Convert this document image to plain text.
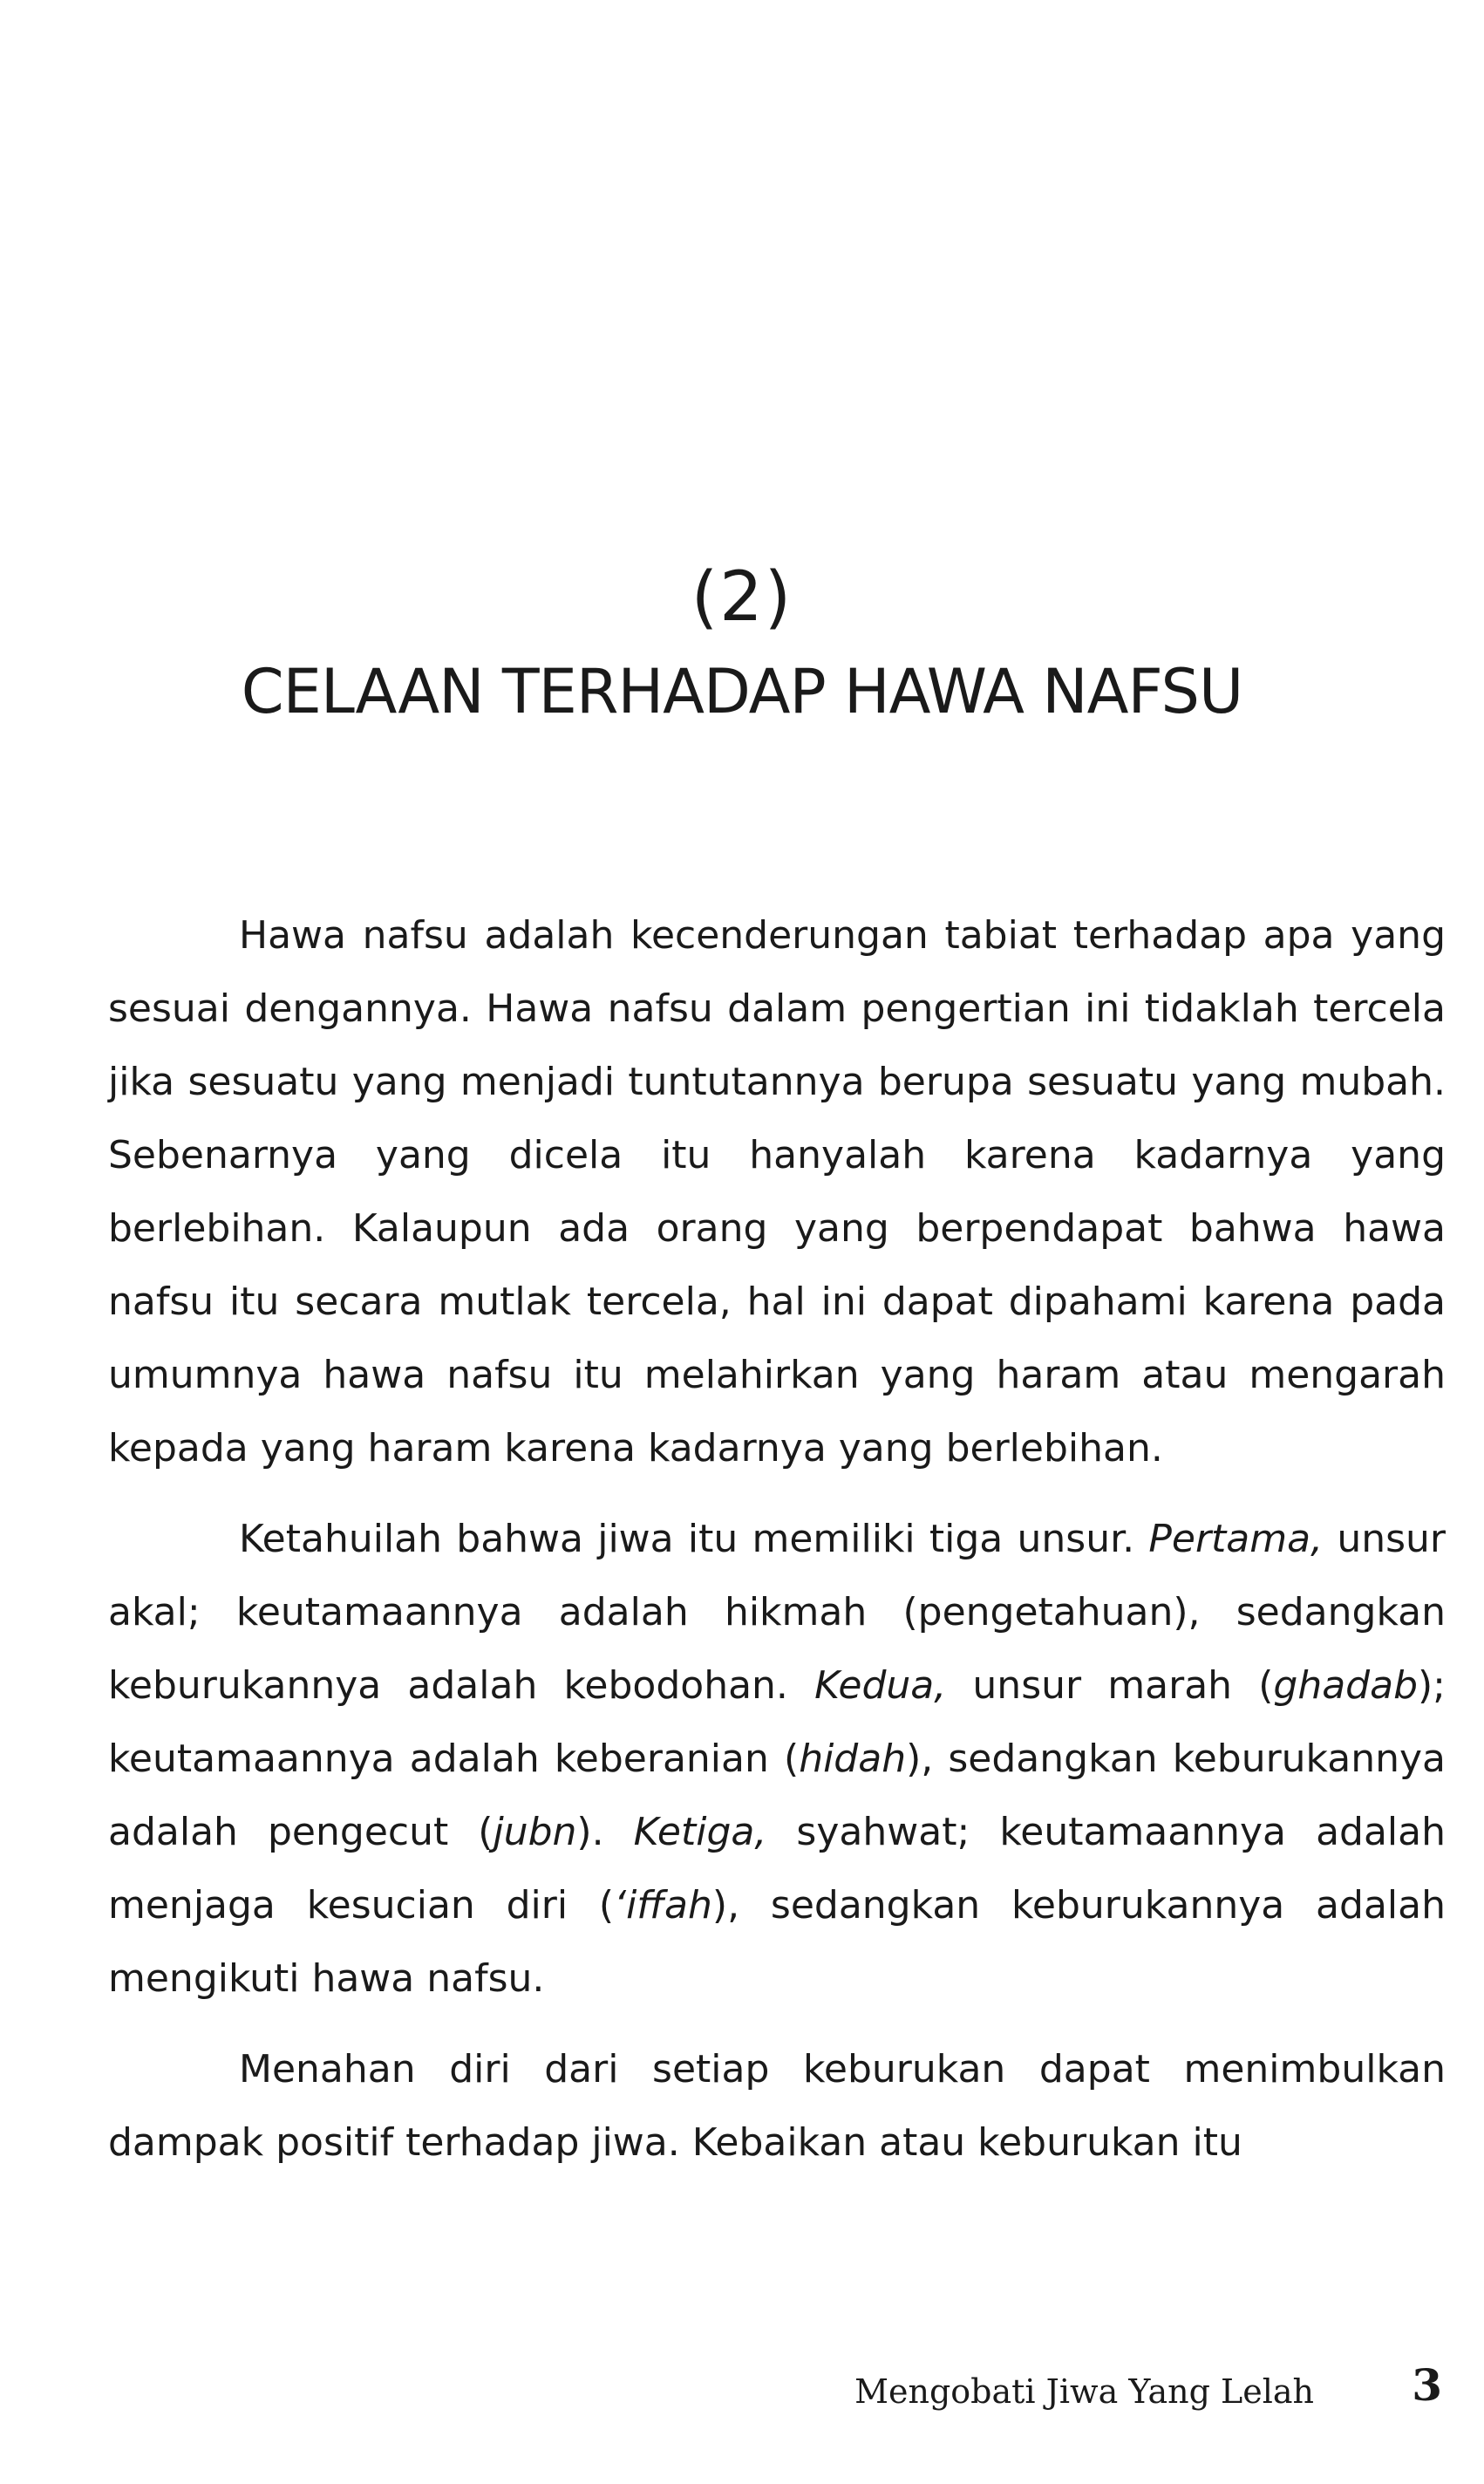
(2)
CELAAN TERHADAP HAWA NAFSU

Hawa nafsu adalah kecenderungan tabiat terhadap apa yang sesuai dengannya. Hawa nafsu dalam pengertian ini tidaklah tercela jika sesuatu yang menjadi tuntutannya berupa sesuatu yang mubah. Sebenarnya yang dicela itu hanyalah karena kadarnya yang berlebihan. Kalaupun ada orang yang berpendapat bahwa hawa nafsu itu secara mutlak tercela, hal ini dapat dipahami karena pada umumnya hawa nafsu itu melahirkan yang haram atau mengarah kepada yang haram karena kadarnya yang berlebihan.

Ketahuilah bahwa jiwa itu memiliki tiga unsur. Pertama, unsur akal; keutamaannya adalah hikmah (pengetahuan), sedangkan keburukannya adalah kebodohan. Kedua, unsur marah (ghadab); keutamaannya adalah keberanian (hidah), sedangkan keburukannya adalah pengecut (jubn). Ketiga, syahwat; keutamaannya adalah menjaga kesucian diri (‘iffah), sedangkan keburukannya adalah mengikuti hawa nafsu.

Menahan diri dari setiap keburukan dapat menimbulkan dampak positif terhadap jiwa. Kebaikan atau keburukan itu

Mengobati Jiwa Yang Lelah 3
